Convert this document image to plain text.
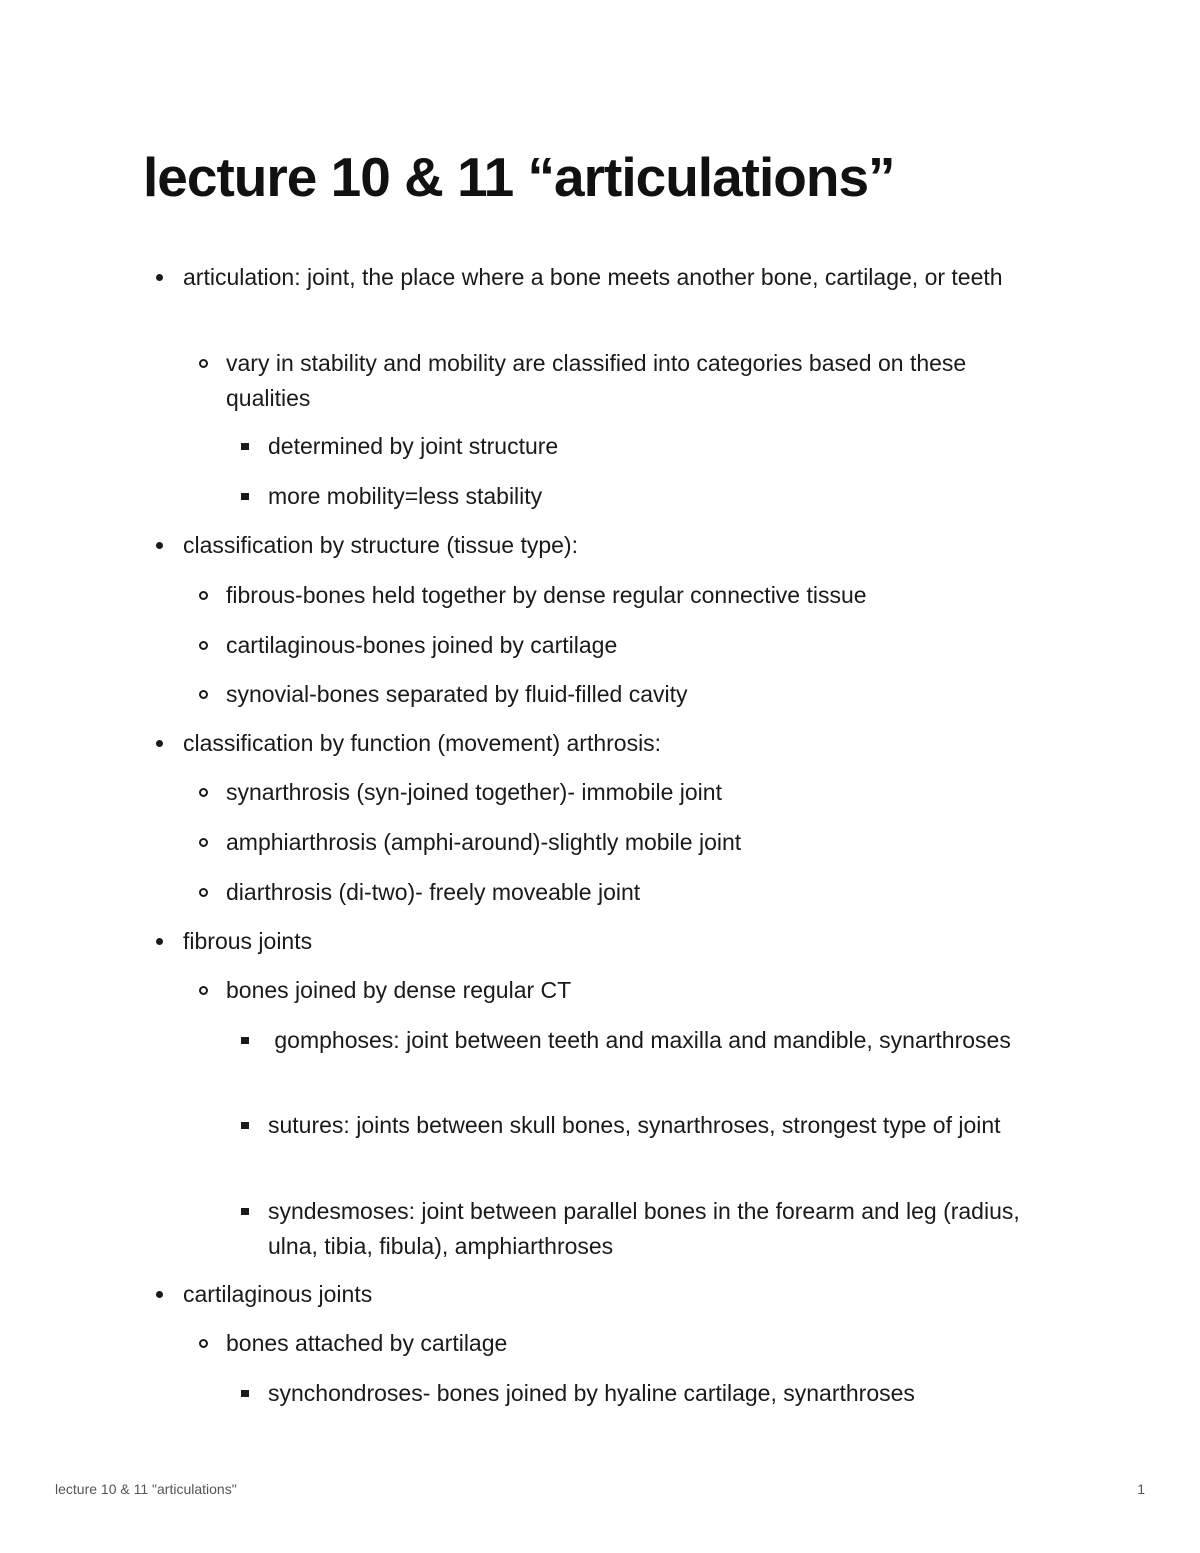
lecture 10 & 11 “articulations”
articulation: joint, the place where a bone meets another bone, cartilage, or teeth
vary in stability and mobility are classified into categories based on these qualities
determined by joint structure
more mobility=less stability
classification by structure (tissue type):
fibrous-bones held together by dense regular connective tissue
cartilaginous-bones joined by cartilage
synovial-bones separated by fluid-filled cavity
classification by function (movement) arthrosis:
synarthrosis (syn-joined together)- immobile joint
amphiarthrosis (amphi-around)-slightly mobile joint
diarthrosis (di-two)- freely moveable joint
fibrous joints
bones joined by dense regular CT
gomphoses: joint between teeth and maxilla and mandible, synarthroses
sutures: joints between skull bones, synarthroses, strongest type of joint
syndesmoses: joint between parallel bones in the forearm and leg (radius, ulna, tibia, fibula), amphiarthroses
cartilaginous joints
bones attached by cartilage
synchondroses- bones joined by hyaline cartilage, synarthroses
lecture 10 & 11 "articulations"	1
